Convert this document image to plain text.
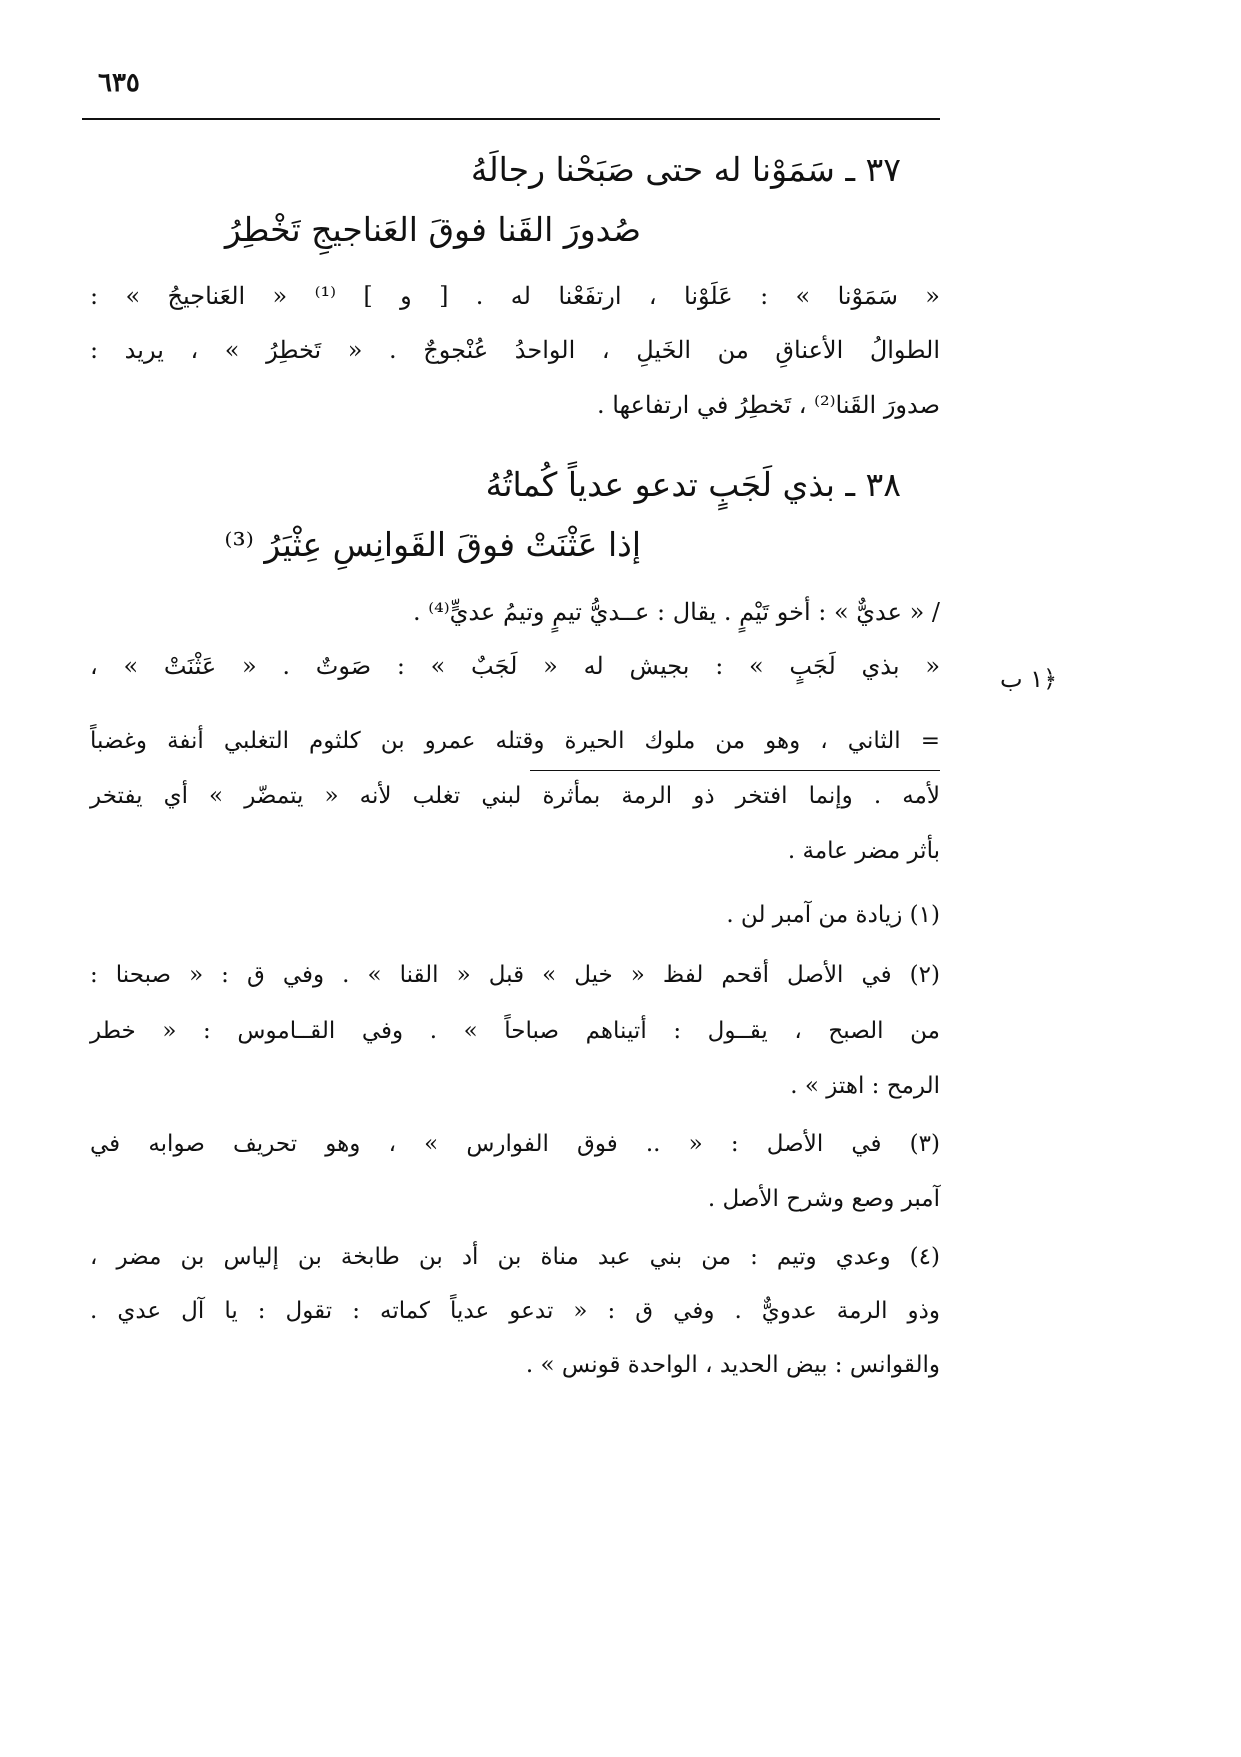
٦٣٥
٣٧ ـ سَمَوْنا له حتى صَبَحْنا رجالَهُ
صُدورَ القَنا فوقَ العَناجيجِ تَخْطِرُ
« سَمَوْنا » : عَلَوْنا ، ارتفَعْنا له . [ و ] ⁽¹⁾ « العَناجيجُ » :
الطوالُ الأعناقِ من الخَيلِ ، الواحدُ عُنْجوجٌ . « تَخطِرُ » ، يريد :
صدورَ القَنا⁽²⁾ ، تَخطِرُ في ارتفاعها .
٣٨ ـ بذي لَجَبٍ تدعو عدياً كُماتُهُ
إذا عَثْنَتْ فوقَ القَوانِسِ عِثْيَرُ ⁽³⁾
﴿١ ب
/ « عديٌّ » : أخو تَيْمٍ . يقال : عــديُّ تيمٍ وتيمُ عديٍّ⁽⁴⁾ .
« بذي لَجَبٍ » : بجيش له « لَجَبٌ » : صَوتٌ . « عَثْنَتْ » ،
= الثاني ، وهو من ملوك الحيرة وقتله عمرو بن كلثوم التغلبي أنفة وغضباً
لأمه . وإنما افتخر ذو الرمة بمأثرة لبني تغلب لأنه « يتمضّر » أي يفتخر
بأثر مضر عامة .
(١) زيادة من آمبر لن .
(٢) في الأصل أقحم لفظ « خيل » قبل « القنا » . وفي ق : « صبحنا :
من الصبح ، يقــول : أتيناهم صباحاً » . وفي القــاموس : « خطر
الرمح : اهتز » .
(٣) في الأصل : « .. فوق الفوارس » ، وهو تحريف صوابه في
آمبر وصع وشرح الأصل .
(٤) وعدي وتيم : من بني عبد مناة بن أد بن طابخة بن إلياس بن مضر ،
وذو الرمة عدويٌّ . وفي ق : « تدعو عدياً كماته : تقول : يا آل عدي .
والقوانس : بيض الحديد ، الواحدة قونس » .
